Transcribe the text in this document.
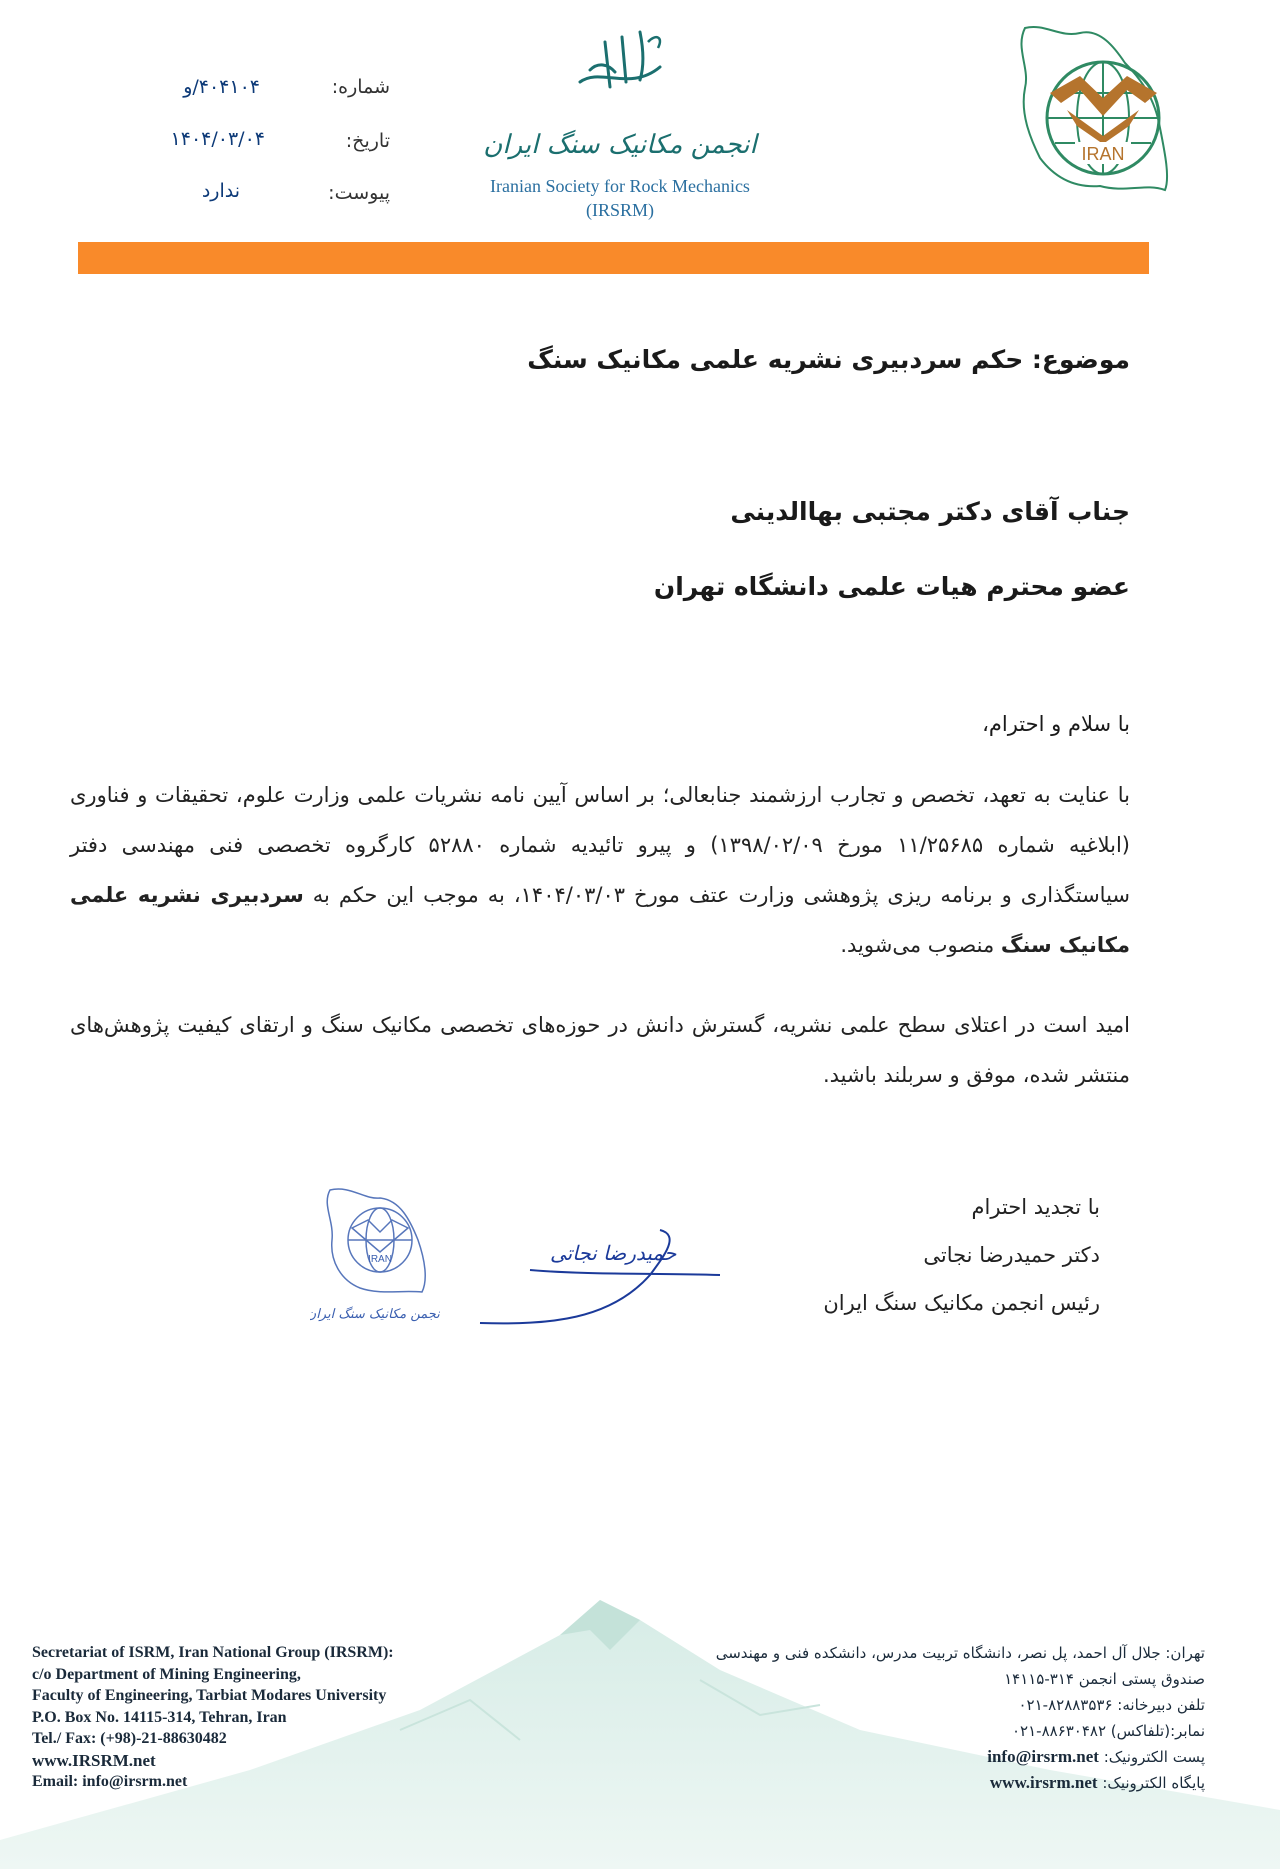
شماره:
۴۰۴۱۰۴/و
تاریخ:
۱۴۰۴/۰۳/۰۴
پیوست:
ندارد
انجمن مکانیک سنگ ایران
Iranian Society for Rock Mechanics
(IRSRM)
IRAN
موضوع: حکم سردبیری نشریه علمی مکانیک سنگ
جناب آقای دکتر مجتبی بهاالدینی
عضو محترم هیات علمی دانشگاه تهران
با سلام و احترام،
با عنایت به تعهد، تخصص و تجارب ارزشمند جنابعالی؛ بر اساس آیین نامه نشریات علمی وزارت علوم، تحقیقات و فناوری (ابلاغیه شماره ۱۱/۲۵۶۸۵ مورخ ۱۳۹۸/۰۲/۰۹) و پیرو تائیدیه شماره ۵۲۸۸۰ کارگروه تخصصی فنی مهندسی دفتر سیاستگذاری و برنامه ریزی پژوهشی وزارت عتف مورخ ۱۴۰۴/۰۳/۰۳، به موجب این حکم به سردبیری نشریه علمی مکانیک سنگ منصوب می‌شوید.
امید است در اعتلای سطح علمی نشریه، گسترش دانش در حوزه‌های تخصصی مکانیک سنگ و ارتقای کیفیت پژوهش‌های منتشر شده، موفق و سربلند باشید.
با تجدید احترام
دکتر حمیدرضا نجاتی
رئیس انجمن مکانیک سنگ ایران
حمیدرضا نجاتی
IRAN
انجمن مکانیک سنگ ایران
Secretariat of ISRM, Iran National Group (IRSRM):
c/o Department of Mining Engineering,
Faculty of Engineering, Tarbiat Modares University
P.O. Box No. 14115-314, Tehran, Iran
Tel./ Fax: (+98)-21-88630482
www.IRSRM.net
Email: info@irsrm.net
تهران: جلال آل احمد، پل نصر، دانشگاه تربیت مدرس، دانشکده فنی و مهندسی
صندوق پستی انجمن ۳۱۴-۱۴۱۱۵
تلفن دبیرخانه: ۸۲۸۸۳۵۳۶-۰۲۱
نمابر:(تلفاکس) ۸۸۶۳۰۴۸۲-۰۲۱
پست الکترونیک: info@irsrm.net
پایگاه الکترونیک: www.irsrm.net
